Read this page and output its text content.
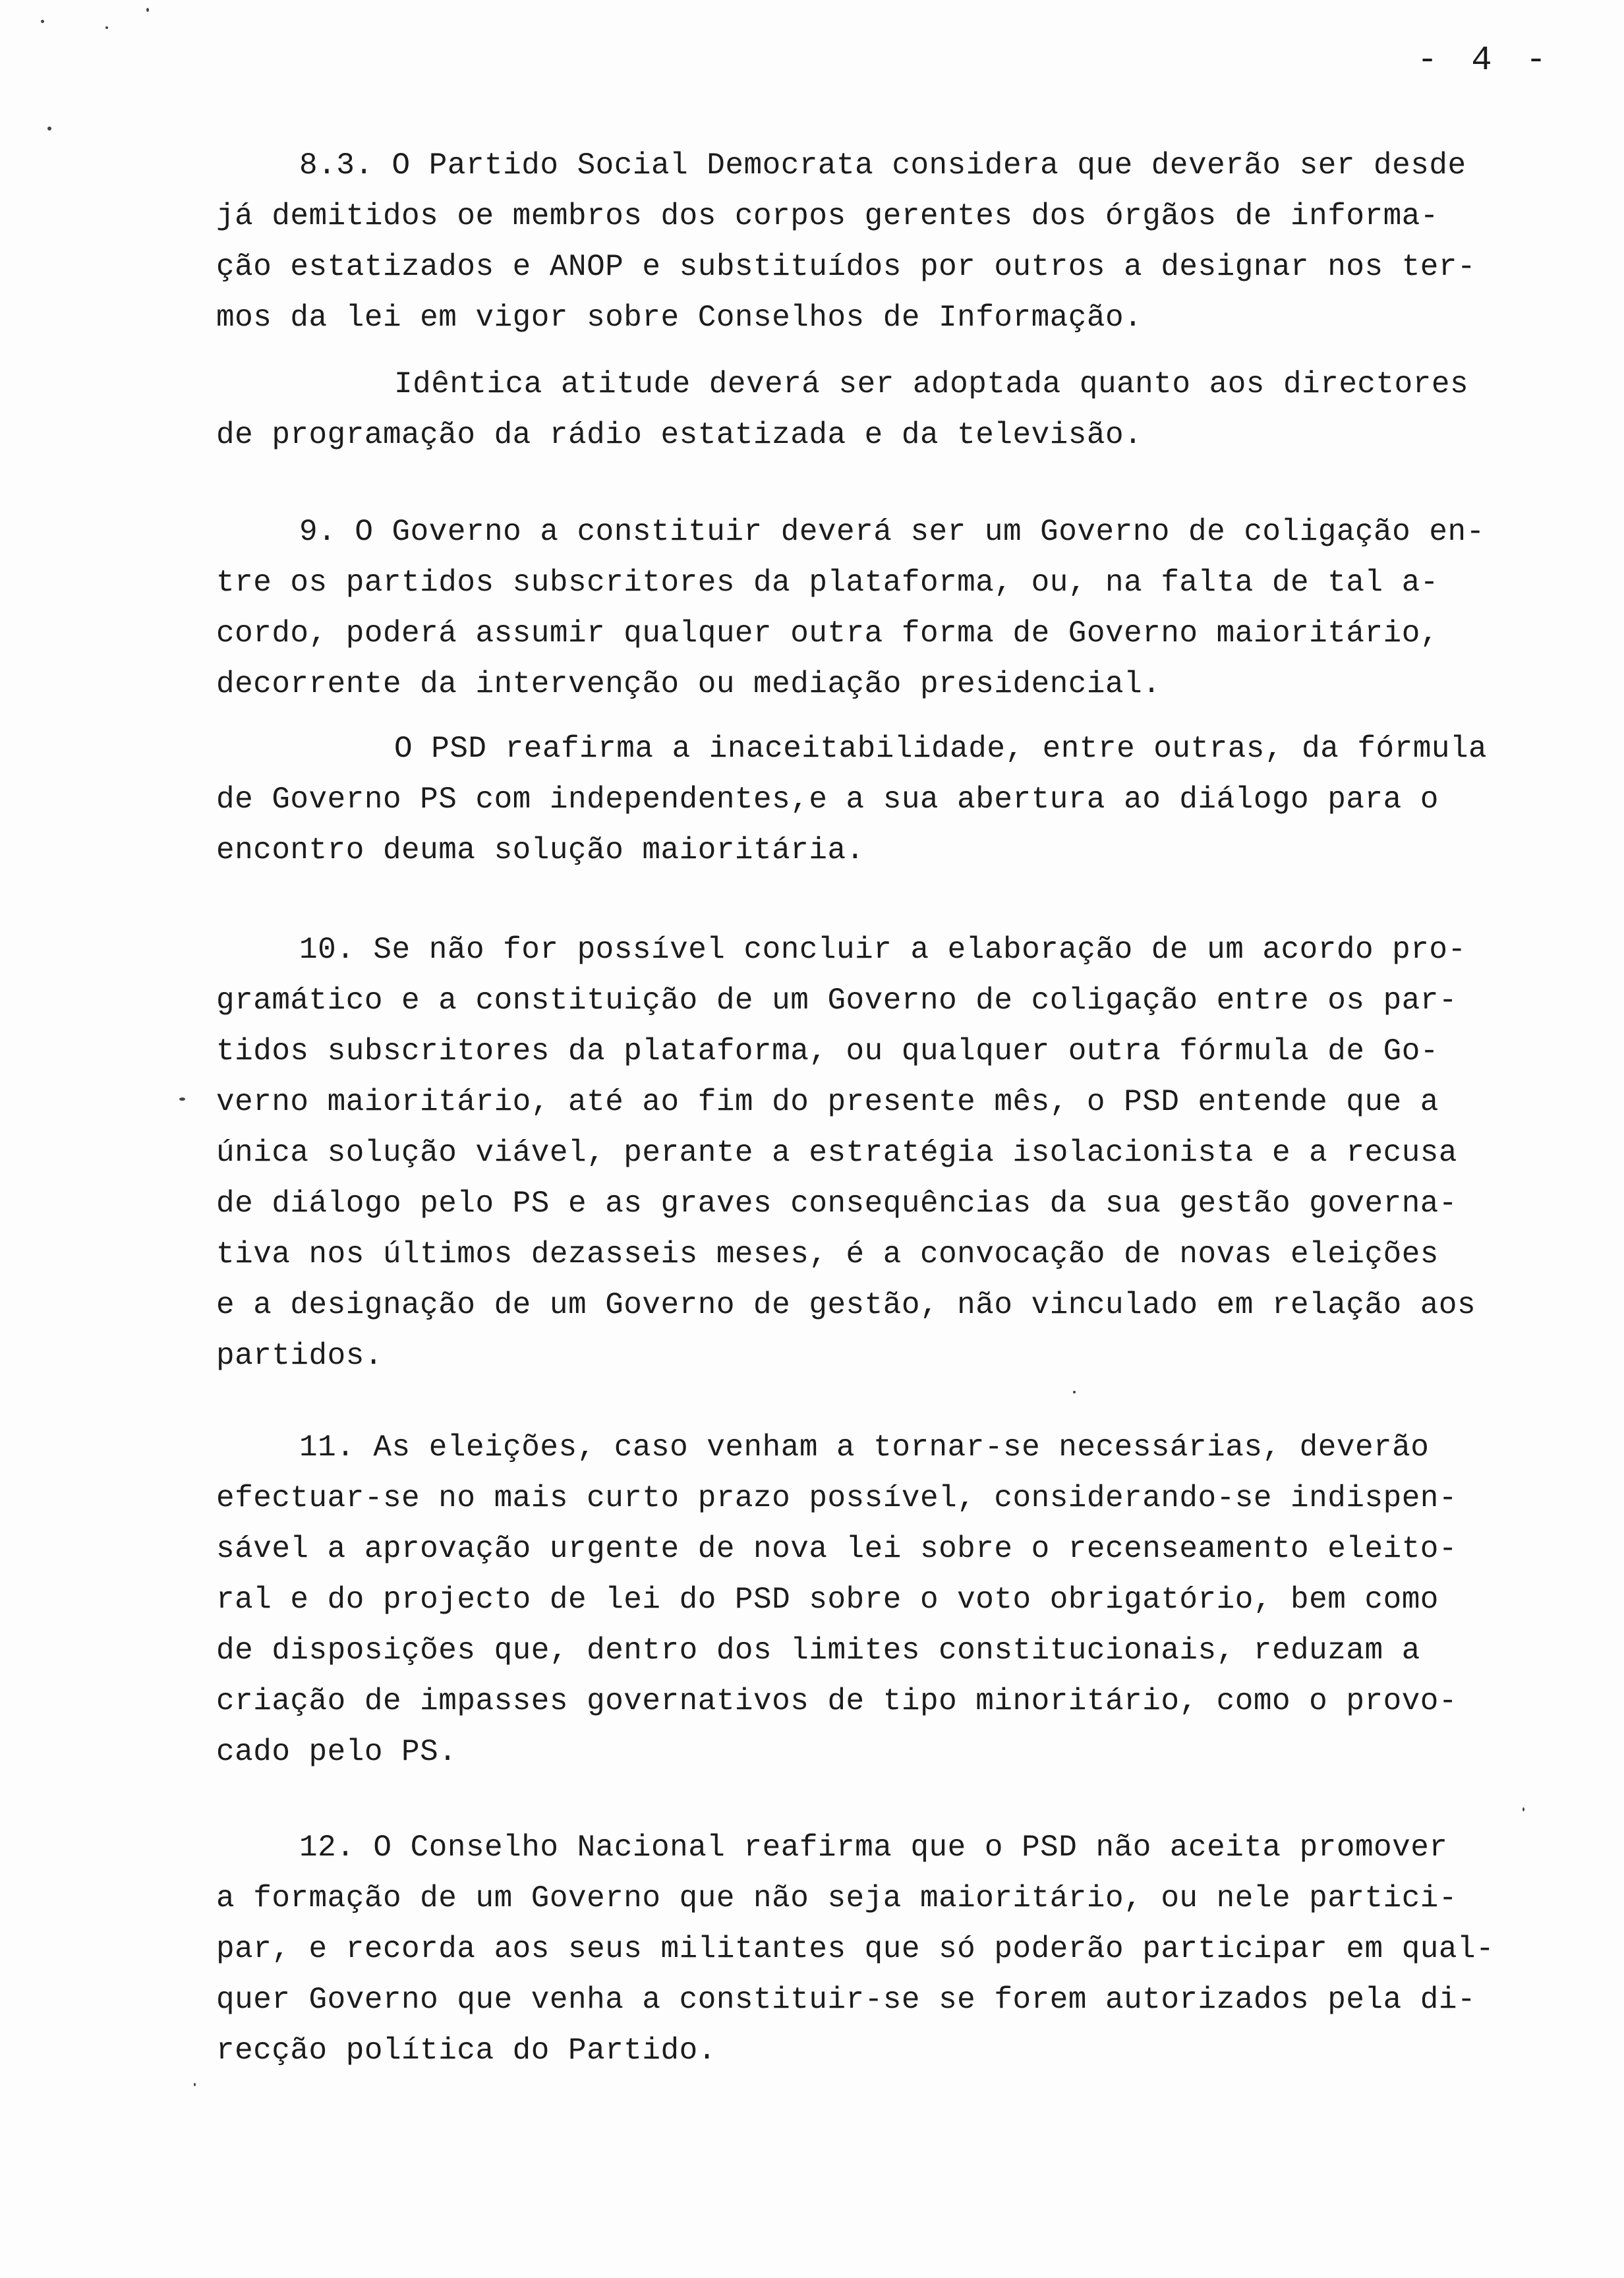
- 4 -
8.3. O Partido Social Democrata considera que deverão ser desde
já demitidos oe membros dos corpos gerentes dos órgãos de informa-
ção estatizados e ANOP e substituídos por outros a designar nos ter-
mos da lei em vigor sobre Conselhos de Informação.
Idêntica atitude deverá ser adoptada quanto aos directores
de programação da rádio estatizada e da televisão.
9. O Governo a constituir deverá ser um Governo de coligação en-
tre os partidos subscritores da plataforma, ou, na falta de tal a-
cordo, poderá assumir qualquer outra forma de Governo maioritário,
decorrente da intervenção ou mediação presidencial.
O PSD reafirma a inaceitabilidade, entre outras, da fórmula
de Governo PS com independentes,e a sua abertura ao diálogo para o
encontro deuma solução maioritária.
10. Se não for possível concluir a elaboração de um acordo pro-
gramático e a constituição de um Governo de coligação entre os par-
tidos subscritores da plataforma, ou qualquer outra fórmula de Go-
verno maioritário, até ao fim do presente mês, o PSD entende que a
única solução viável, perante a estratégia isolacionista e a recusa
de diálogo pelo PS e as graves consequências da sua gestão governa-
tiva nos últimos dezasseis meses, é a convocação de novas eleições
e a designação de um Governo de gestão, não vinculado em relação aos
partidos.
11. As eleições, caso venham a tornar-se necessárias, deverão
efectuar-se no mais curto prazo possível, considerando-se indispen-
sável a aprovação urgente de nova lei sobre o recenseamento eleito-
ral e do projecto de lei do PSD sobre o voto obrigatório, bem como
de disposições que, dentro dos limites constitucionais, reduzam a
criação de impasses governativos de tipo minoritário, como o provo-
cado pelo PS.
12. O Conselho Nacional reafirma que o PSD não aceita promover
a formação de um Governo que não seja maioritário, ou nele partici-
par, e recorda aos seus militantes que só poderão participar em qual-
quer Governo que venha a constituir-se se forem autorizados pela di-
recção política do Partido.
